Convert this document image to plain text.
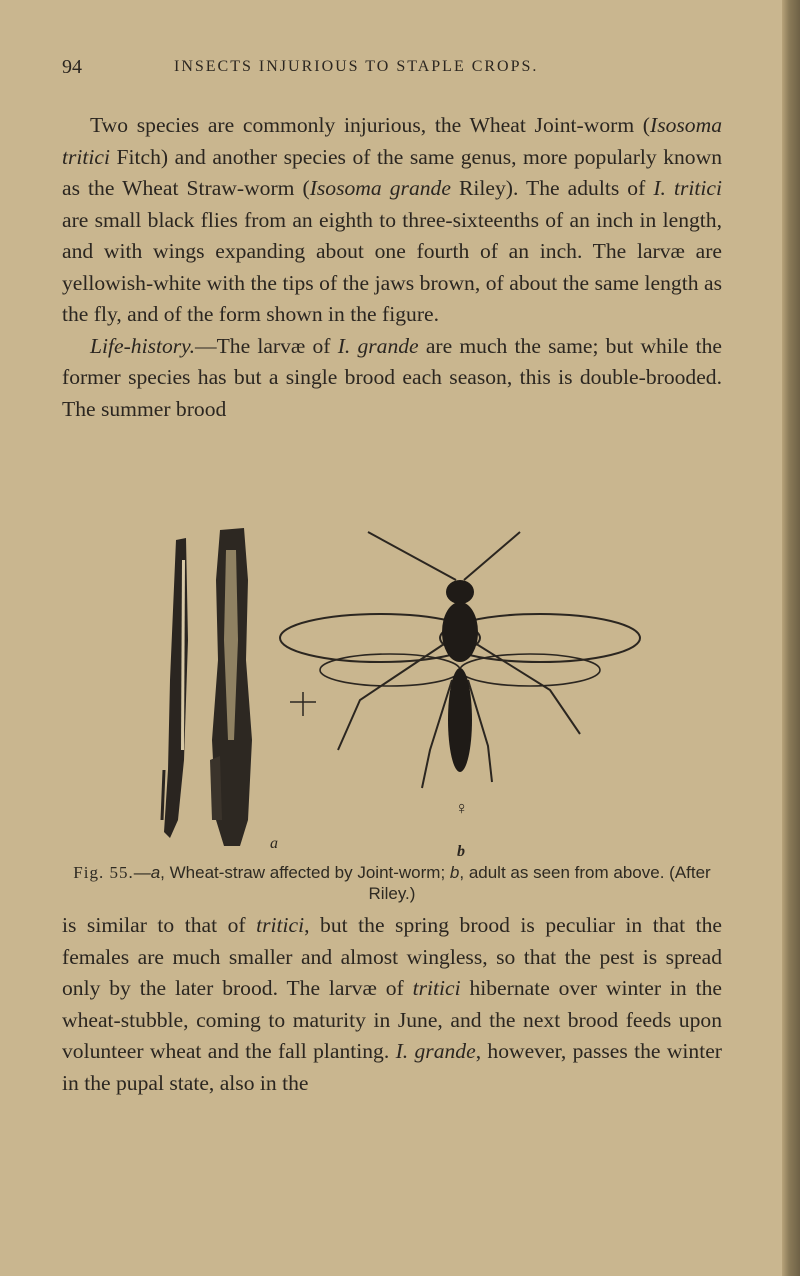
94	INSECTS INJURIOUS TO STAPLE CROPS.

Two species are commonly injurious, the Wheat Joint-worm (Isosoma tritici Fitch) and another species of the same genus, more popularly known as the Wheat Straw-worm (Isosoma grande Riley). The adults of I. tritici are small black flies from an eighth to three-sixteenths of an inch in length, and with wings expanding about one fourth of an inch. The larvæ are yellowish-white with the tips of the jaws brown, of about the same length as the fly, and of the form shown in the figure.
Life-history.—The larvæ of I. grande are much the same; but while the former species has but a single brood each season, this is double-brooded. The summer brood

a
♀
b
Fig. 55.—a, Wheat-straw affected by Joint-worm; b, adult as seen from above. (After Riley.)

is similar to that of tritici, but the spring brood is peculiar in that the females are much smaller and almost wingless, so that the pest is spread only by the later brood. The larvæ of tritici hibernate over winter in the wheat-stubble, coming to maturity in June, and the next brood feeds upon volunteer wheat and the fall planting. I. grande, however, passes the winter in the pupal state, also in the
